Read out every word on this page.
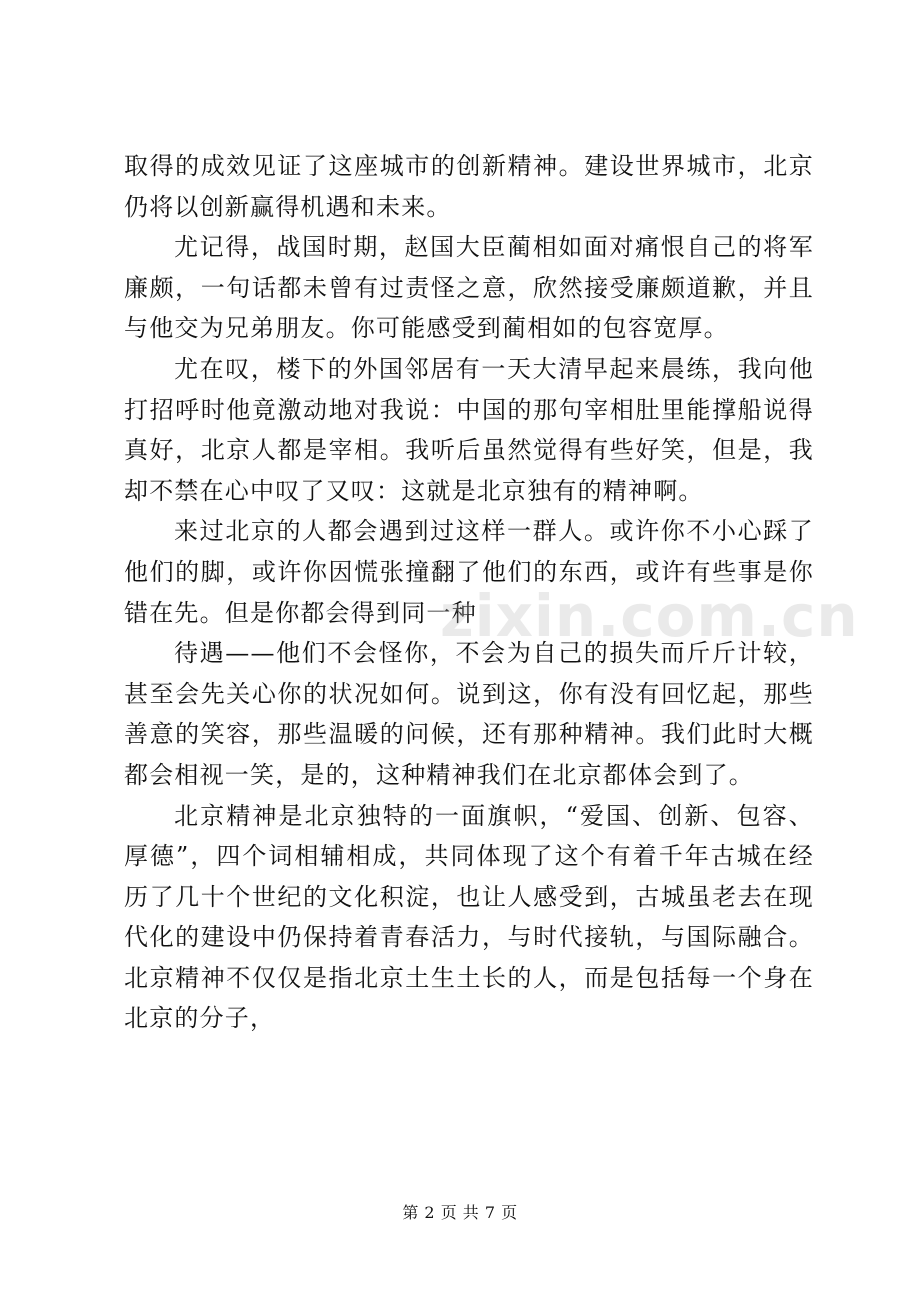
取得的成效见证了这座城市的创新精神。建设世界城市，北京仍将以创新赢得机遇和未来。

尤记得，战国时期，赵国大臣蔺相如面对痛恨自己的将军廉颇，一句话都未曾有过责怪之意，欣然接受廉颇道歉，并且与他交为兄弟朋友。你可能感受到蔺相如的包容宽厚。

尤在叹，楼下的外国邻居有一天大清早起来晨练，我向他打招呼时他竟激动地对我说：中国的那句宰相肚里能撑船说得真好，北京人都是宰相。我听后虽然觉得有些好笑，但是，我却不禁在心中叹了又叹：这就是北京独有的精神啊。

来过北京的人都会遇到过这样一群人。或许你不小心踩了他们的脚，或许你因慌张撞翻了他们的东西，或许有些事是你错在先。但是你都会得到同一种

待遇——他们不会怪你，不会为自己的损失而斤斤计较，甚至会先关心你的状况如何。说到这，你有没有回忆起，那些善意的笑容，那些温暖的问候，还有那种精神。我们此时大概都会相视一笑，是的，这种精神我们在北京都体会到了。

北京精神是北京独特的一面旗帜，“爱国、创新、包容、厚德”，四个词相辅相成，共同体现了这个有着千年古城在经历了几十个世纪的文化积淀，也让人感受到，古城虽老去在现代化的建设中仍保持着青春活力，与时代接轨，与国际融合。北京精神不仅仅是指北京土生土长的人，而是包括每一个身在北京的分子，

zixin.com.cn
第 2 页 共 7 页
